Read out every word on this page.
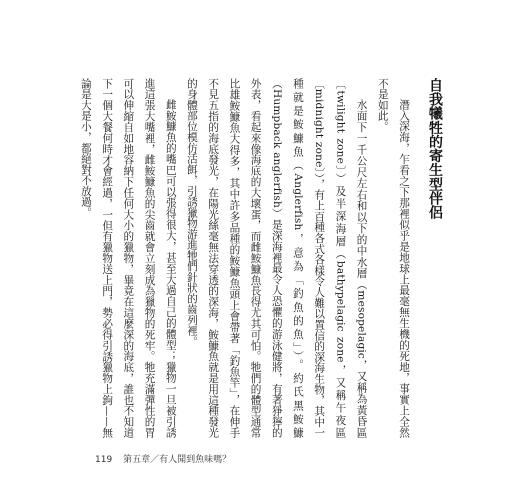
自我犧牲的寄生型伴侶

潛入深海，乍看之下那裡似乎是地球上最毫無生機的死地，事實上全然不是如此。

水面下一千公尺左右和以下的中水層（mesopelagic，又稱為黃昏區〔twilight zone〕）及半深海層（bathypelagic zone，又稱午夜區〔midnight zone〕），有上百種各式各樣令人難以置信的深海生物，其中一種就是鮟鱇魚（Anglerfish，意為「釣魚的魚」）。約氏黑鮟鱇（Humpback anglerfish）是深海裡最令人恐懼的游泳健將，有著猙獰的外表，看起來像海底的大壞蛋，而雌鮟鱇魚長得尤其可怕。牠們的體型通常比雄鮟鱇魚大得多，其中許多品種的鮟鱇魚頭上會帶著「釣魚竿」，在伸手不見五指的海底發光，在陽光絲毫無法穿透的深海，鮟鱇魚就是用這種發光的身體部位模仿活餌，引誘獵物游進牠們針狀的齒列裡。

雌鮟鱇魚的嘴巴可以張得很大，甚至大過自己的體型；獵物一旦被引誘進這張大嘴裡，雌鮟鱇魚的尖齒就會立刻成為獵物的死牢。牠充滿彈性的胃可以伸縮自如地容納下任何大小的獵物，畢竟在這麼深的海底，誰也不知道下一個大餐何時才會經過，一但有獵物送上門，勢必得引誘獵物上鉤——無論是大是小，都絕對不放過。

119 第五章／有人聞到魚味嗎？
